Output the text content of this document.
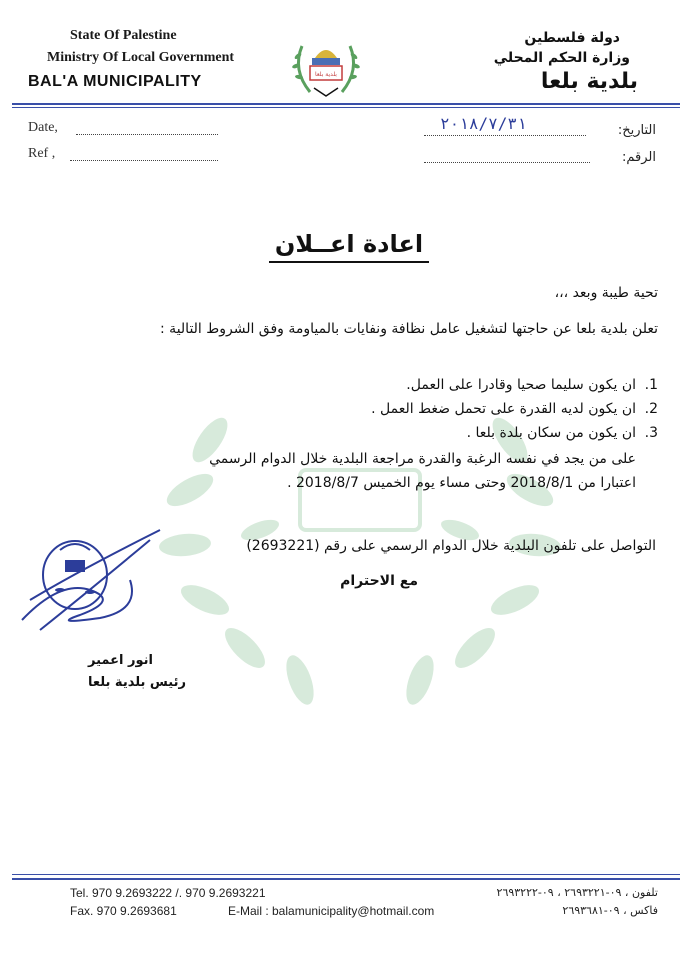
State Of Palestine
Ministry Of Local Government
BAL'A MUNICIPALITY
دولة فلسطين
وزارة الحكم المحلي
بلدية بلعا
بلدية بلعا
Date,
Ref ,
التاريخ:
٢٠١٨/٧/٣١
الرقم:
اعادة اعــلان
تحية طيبة وبعد ،،،
تعلن بلدية بلعا عن حاجتها لتشغيل عامل نظافة ونفايات بالمياومة وفق الشروط التالية :
1.
ان يكون سليما صحيا وقادرا على العمل.
2.
ان يكون لديه القدرة على تحمل ضغط العمل .
3.
ان يكون من سكان بلدة بلعا .
على من يجد في نفسه الرغبة والقدرة مراجعة البلدية خلال الدوام الرسمي
اعتبارا من 2018/8/1 وحتى مساء يوم الخميس 2018/8/7 .
التواصل على تلفون البلدية خلال الدوام الرسمي على رقم (2693221)
مع الاحترام
انور اعمير
رئيس بلدية بلعا
Tel. 970 9.2693222 /. 970 9.2693221
Fax. 970 9.2693681	E-Mail : balamunicipality@hotmail.com
تلفون ، ٠٩-٢٦٩٣٢٢١ ، ٠٩-٢٦٩٣٢٢٢
فاكس ، ٠٩-٢٦٩٣٦٨١
